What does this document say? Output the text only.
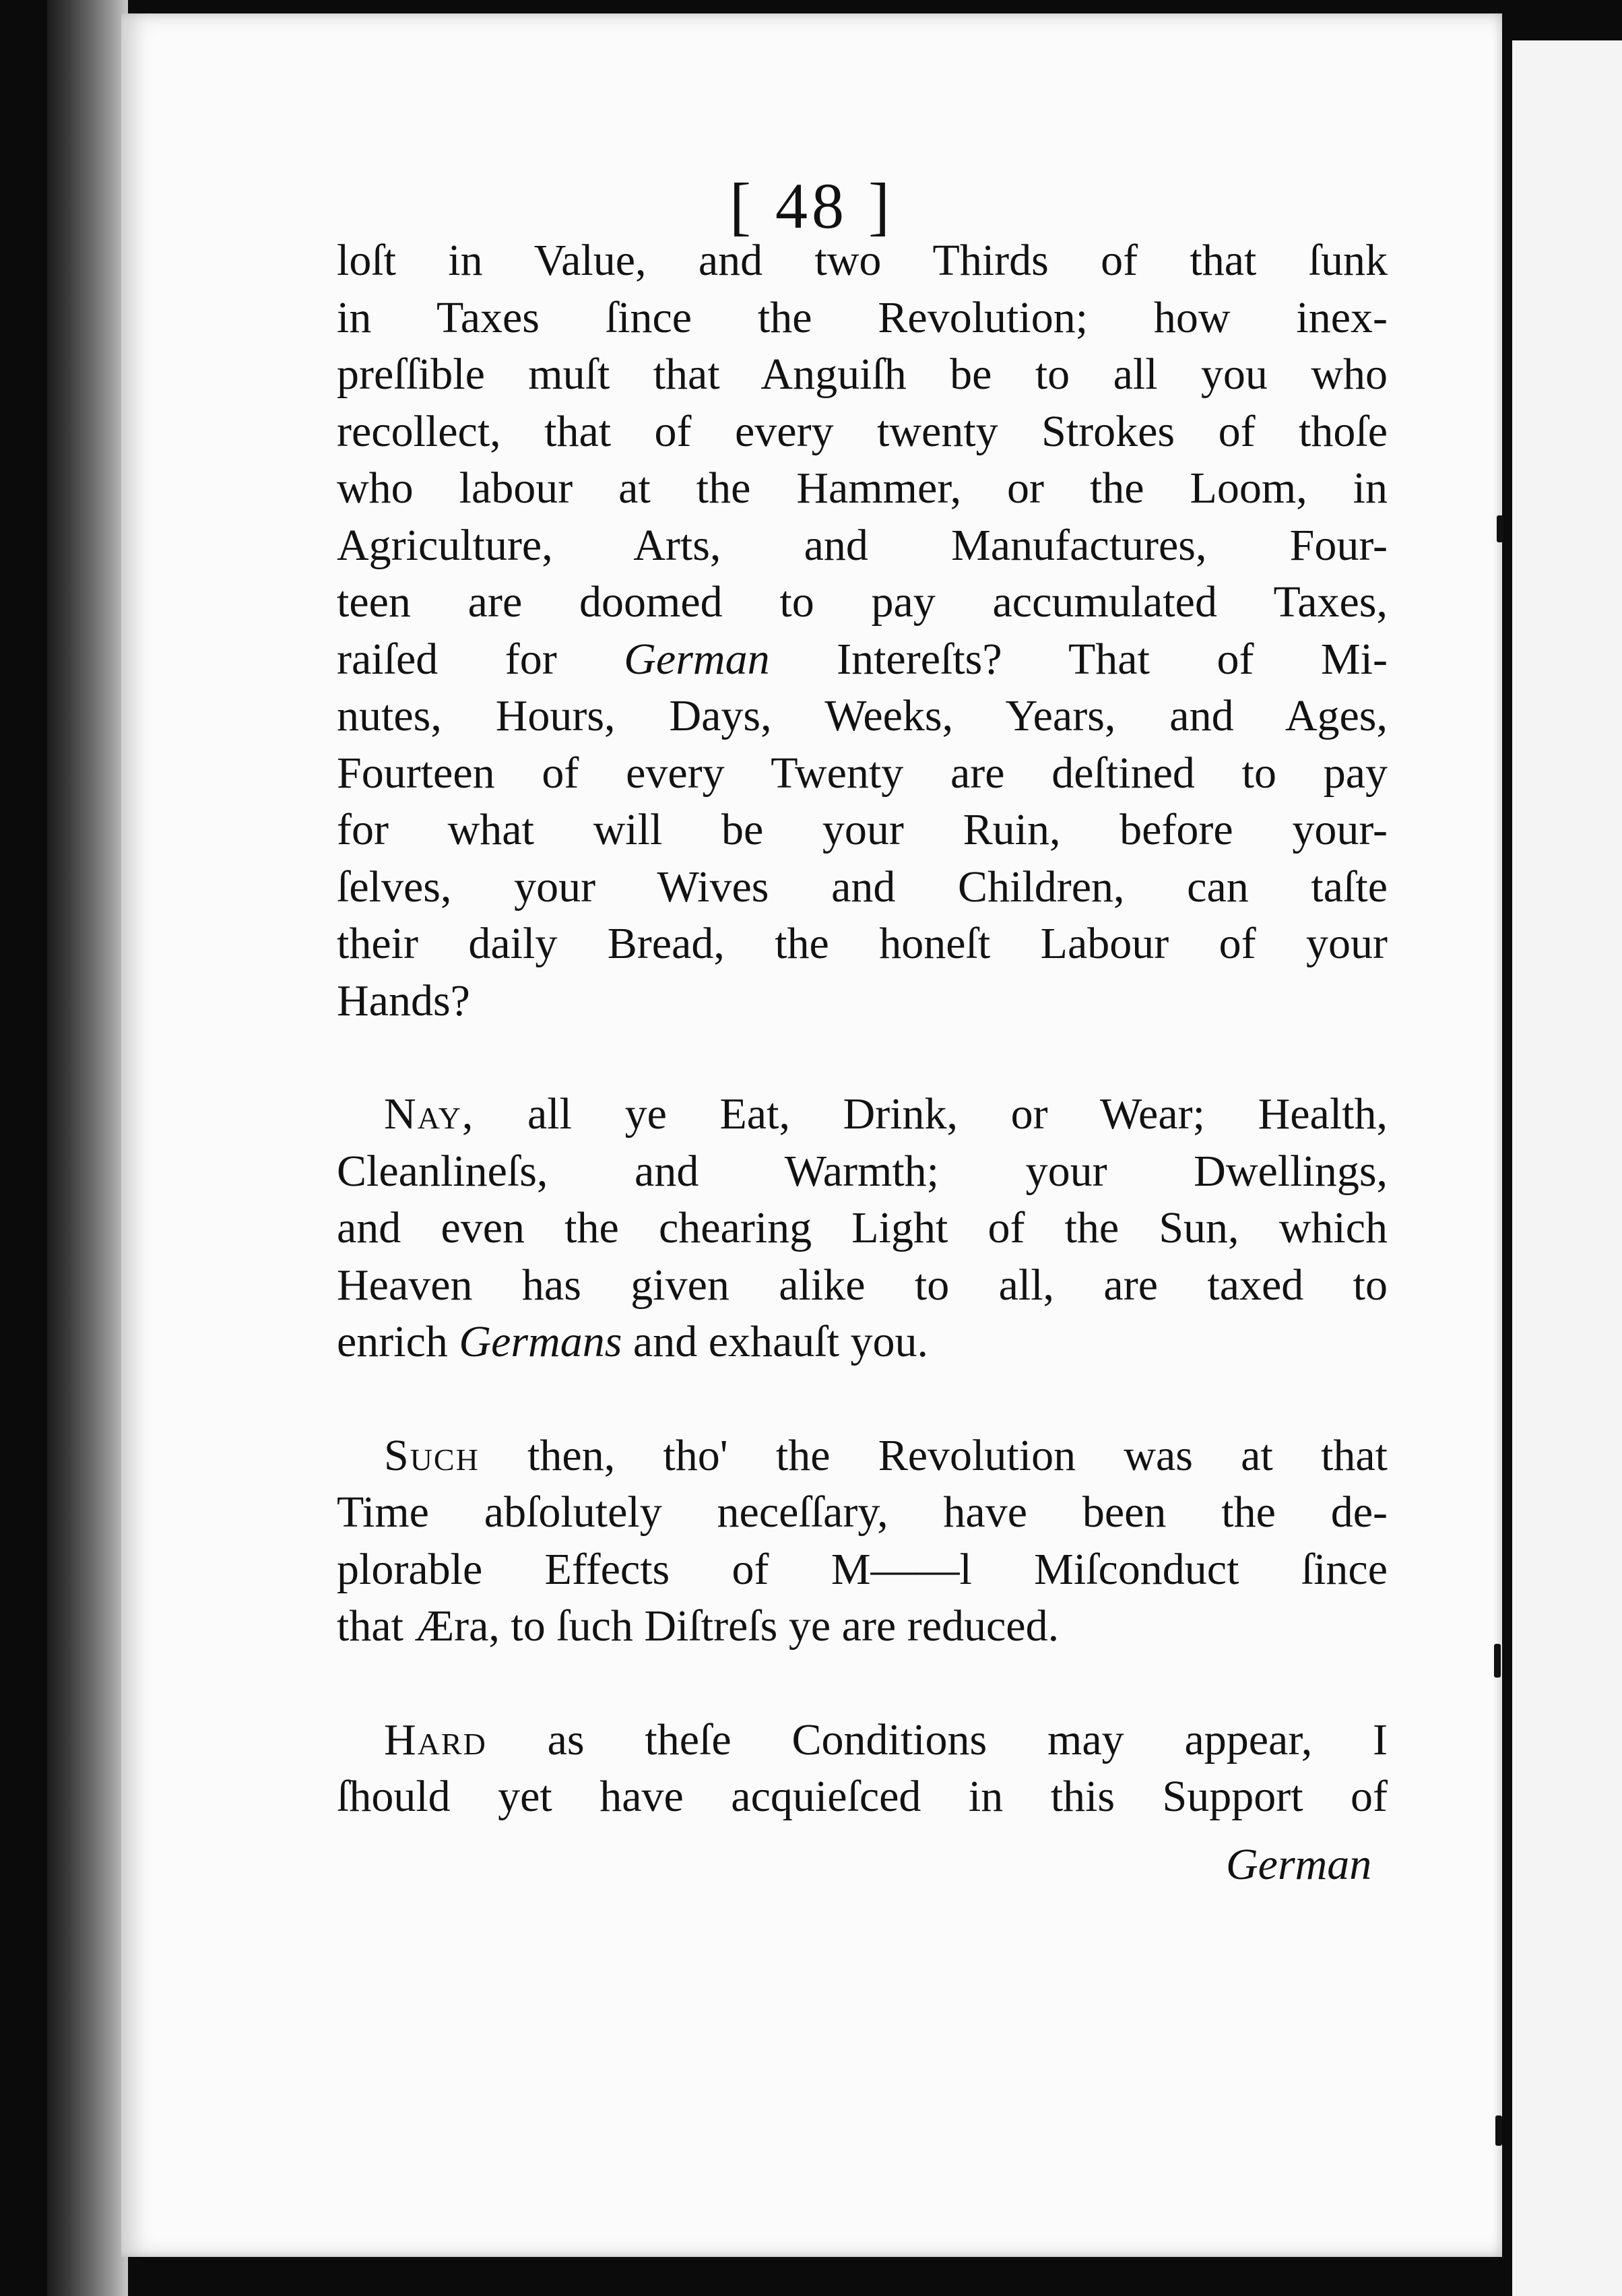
[ 48 ]

loſt in Value, and two Thirds of that ſunk
in Taxes ſince the Revolution; how inex-
preſſible muſt that Anguiſh be to all you who
recollect, that of every twenty Strokes of thoſe
who labour at the Hammer, or the Loom, in
Agriculture, Arts, and Manufactures, Four-
teen are doomed to pay accumulated Taxes,
raiſed for German Intereſts? That of Mi-
nutes, Hours, Days, Weeks, Years, and Ages,
Fourteen of every Twenty are deſtined to pay
for what will be your Ruin, before your-
ſelves, your Wives and Children, can taſte
their daily Bread, the honeſt Labour of your
Hands?

Nay, all ye Eat, Drink, or Wear; Health,
Cleanlineſs, and Warmth; your Dwellings,
and even the chearing Light of the Sun, which
Heaven has given alike to all, are taxed to
enrich Germans and exhauſt you.

Such then, tho' the Revolution was at that
Time abſolutely neceſſary, have been the de-
plorable Effects of M——l Miſconduct ſince
that Æra, to ſuch Diſtreſs ye are reduced.

Hard as theſe Conditions may appear, I
ſhould yet have acquieſced in this Support of

German
